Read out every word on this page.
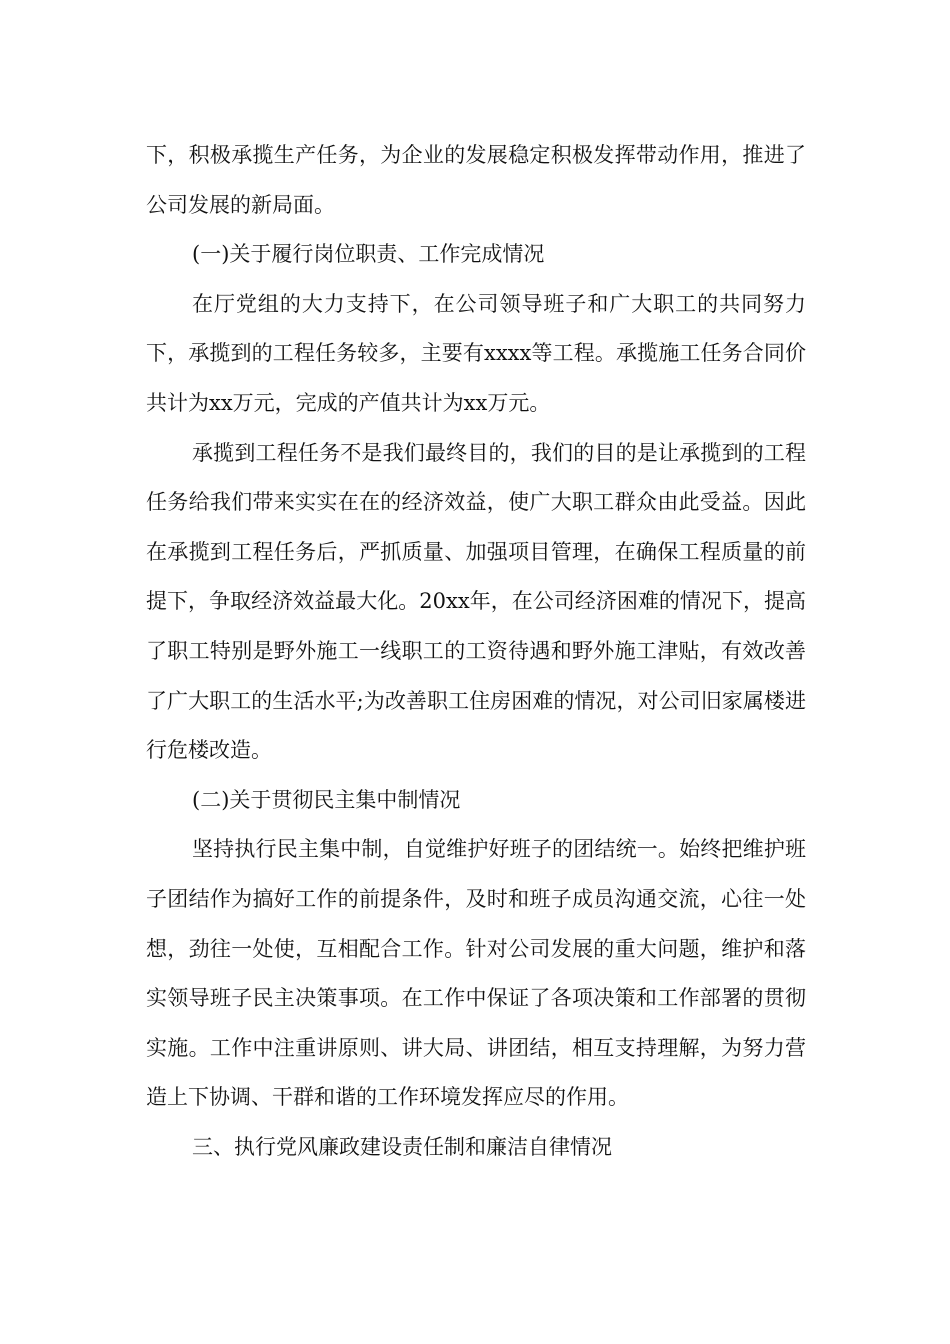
下，积极承揽生产任务，为企业的发展稳定积极发挥带动作用，推进了公司发展的新局面。

(一)关于履行岗位职责、工作完成情况

在厅党组的大力支持下，在公司领导班子和广大职工的共同努力下，承揽到的工程任务较多，主要有xxxx等工程。承揽施工任务合同价共计为xx万元，完成的产值共计为xx万元。

承揽到工程任务不是我们最终目的，我们的目的是让承揽到的工程任务给我们带来实实在在的经济效益，使广大职工群众由此受益。因此在承揽到工程任务后，严抓质量、加强项目管理，在确保工程质量的前提下，争取经济效益最大化。20xx年，在公司经济困难的情况下，提高了职工特别是野外施工一线职工的工资待遇和野外施工津贴，有效改善了广大职工的生活水平;为改善职工住房困难的情况，对公司旧家属楼进行危楼改造。

(二)关于贯彻民主集中制情况

坚持执行民主集中制，自觉维护好班子的团结统一。始终把维护班子团结作为搞好工作的前提条件，及时和班子成员沟通交流，心往一处想，劲往一处使，互相配合工作。针对公司发展的重大问题，维护和落实领导班子民主决策事项。在工作中保证了各项决策和工作部署的贯彻实施。工作中注重讲原则、讲大局、讲团结，相互支持理解，为努力营造上下协调、干群和谐的工作环境发挥应尽的作用。

三、执行党风廉政建设责任制和廉洁自律情况
